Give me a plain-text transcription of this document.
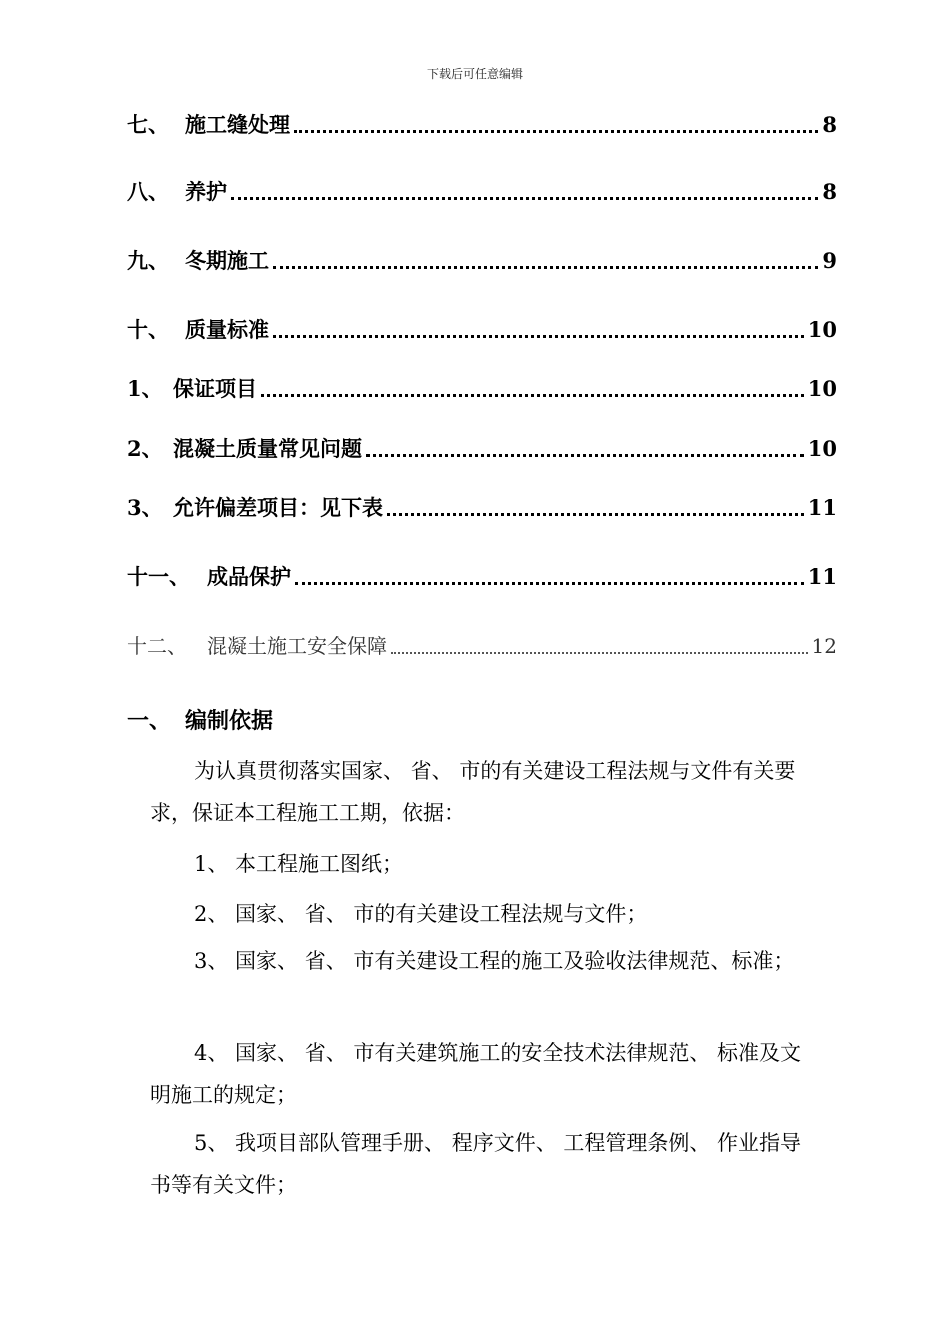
下载后可任意编辑
七、 施工缝处理	8
八、 养护	8
九、 冬期施工	9
十、 质量标准	10
1、 保证项目	10
2、 混凝土质量常见问题	10
3、 允许偏差项目：见下表	11
十一、 成品保护	11
十二、	混凝土施工安全保障	12
一、 编制依据

为认真贯彻落实国家、 省、 市的有关建设工程法规与文件有关要求，保证本工程施工工期，依据：

1、 本工程施工图纸；

2、 国家、 省、 市的有关建设工程法规与文件；

3、 国家、 省、 市有关建设工程的施工及验收法律规范、标准；

4、 国家、 省、 市有关建筑施工的安全技术法律规范、 标准及文明施工的规定；

5、 我项目部队管理手册、 程序文件、 工程管理条例、 作业指导书等有关文件；
